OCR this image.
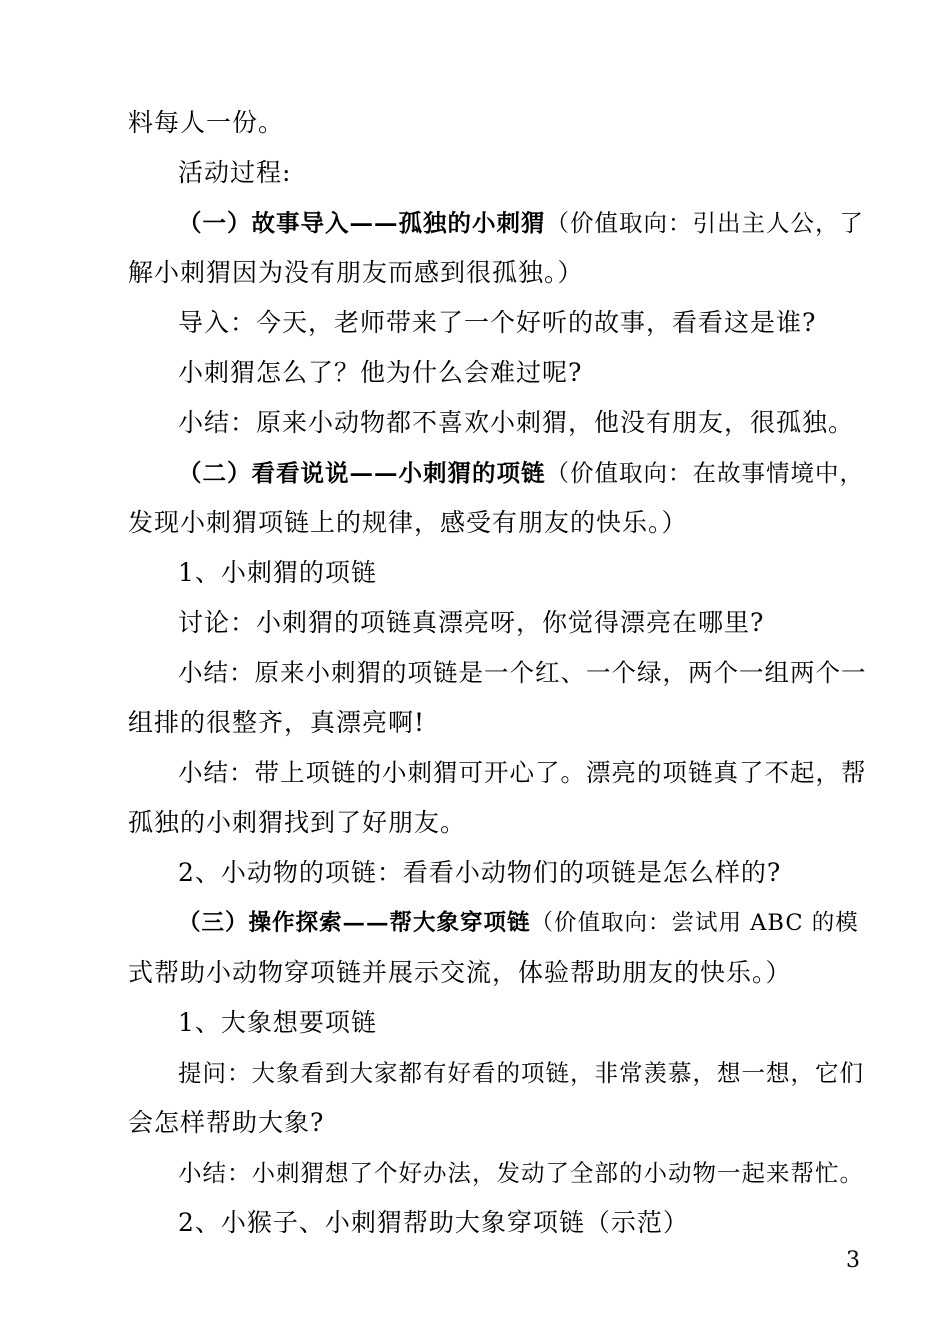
料每人一份。
活动过程:
（一）故事导入——孤独的小刺猬（价值取向：引出主人公，了
解小刺猬因为没有朋友而感到很孤独。）
导入：今天，老师带来了一个好听的故事，看看这是谁?
小刺猬怎么了？他为什么会难过呢?
小结：原来小动物都不喜欢小刺猬，他没有朋友，很孤独。
（二）看看说说——小刺猬的项链（价值取向：在故事情境中，
发现小刺猬项链上的规律，感受有朋友的快乐。）
1、小刺猬的项链
讨论：小刺猬的项链真漂亮呀，你觉得漂亮在哪里?
小结：原来小刺猬的项链是一个红、一个绿，两个一组两个一
组排的很整齐，真漂亮啊!
小结：带上项链的小刺猬可开心了。漂亮的项链真了不起，帮
孤独的小刺猬找到了好朋友。
2、小动物的项链：看看小动物们的项链是怎么样的?
（三）操作探索——帮大象穿项链（价值取向：尝试用 ABC 的模
式帮助小动物穿项链并展示交流，体验帮助朋友的快乐。）
1、大象想要项链
提问：大象看到大家都有好看的项链，非常羡慕，想一想，它们
会怎样帮助大象?
小结：小刺猬想了个好办法，发动了全部的小动物一起来帮忙。
2、小猴子、小刺猬帮助大象穿项链（示范）
3
